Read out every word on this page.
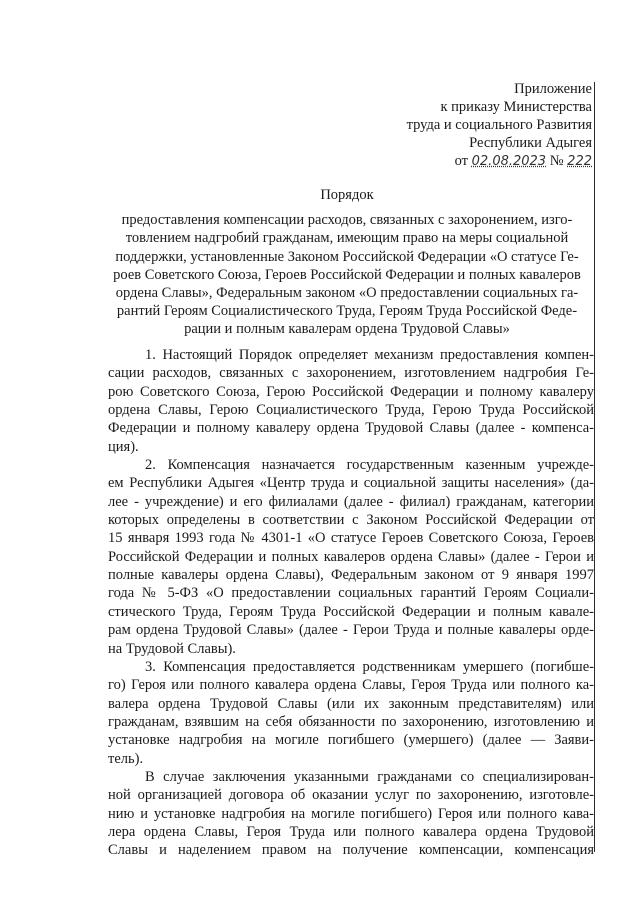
Приложение
к приказу Министерства
труда и социального Развития
Республики Адыгея
от 02.08.2023 № 222
Порядок
предоставления компенсации расходов, связанных с захоронением, изго-
товлением надгробий гражданам, имеющим право на меры социальной
поддержки, установленные Законом Российской Федерации «О статусе Ге-
роев Советского Союза, Героев Российской Федерации и полных кавалеров
ордена Славы», Федеральным законом «О предоставлении социальных га-
рантий Героям Социалистического Труда, Героям Труда Российской Феде-
рации и полным кавалерам ордена Трудовой Славы»
1. Настоящий Порядок определяет механизм предоставления компен-
сации расходов, связанных с захоронением, изготовлением надгробия Ге-
рою Советского Союза, Герою Российской Федерации и полному кавалеру
ордена Славы, Герою Социалистического Труда, Герою Труда Российской
Федерации и полному кавалеру ордена Трудовой Славы (далее - компенса-
ция).
2. Компенсация назначается государственным казенным учрежде-
ем Республики Адыгея «Центр труда и социальной защиты населения» (да-
лее - учреждение) и его филиалами (далее - филиал) гражданам, категории
которых определены в соответствии с Законом Российской Федерации от
15 января 1993 года № 4301-1 «О статусе Героев Советского Союза, Героев
Российской Федерации и полных кавалеров ордена Славы» (далее - Герои и
полные кавалеры ордена Славы), Федеральным законом от 9 января 1997
года № 5-ФЗ «О предоставлении социальных гарантий Героям Социали-
стического Труда, Героям Труда Российской Федерации и полным кавале-
рам ордена Трудовой Славы» (далее - Герои Труда и полные кавалеры орде-
на Трудовой Славы).
3. Компенсация предоставляется родственникам умершего (погибше-
го) Героя или полного кавалера ордена Славы, Героя Труда или полного ка-
валера ордена Трудовой Славы (или их законным представителям) или
гражданам, взявшим на себя обязанности по захоронению, изготовлению и
установке надгробия на могиле погибшего (умершего) (далее — Заяви-
тель).
В случае заключения указанными гражданами со специализирован-
ной организацией договора об оказании услуг по захоронению, изготовле-
нию и установке надгробия на могиле погибшего) Героя или полного кава-
лера ордена Славы, Героя Труда или полного кавалера ордена Трудовой
Славы и наделением правом на получение компенсации, компенсация
